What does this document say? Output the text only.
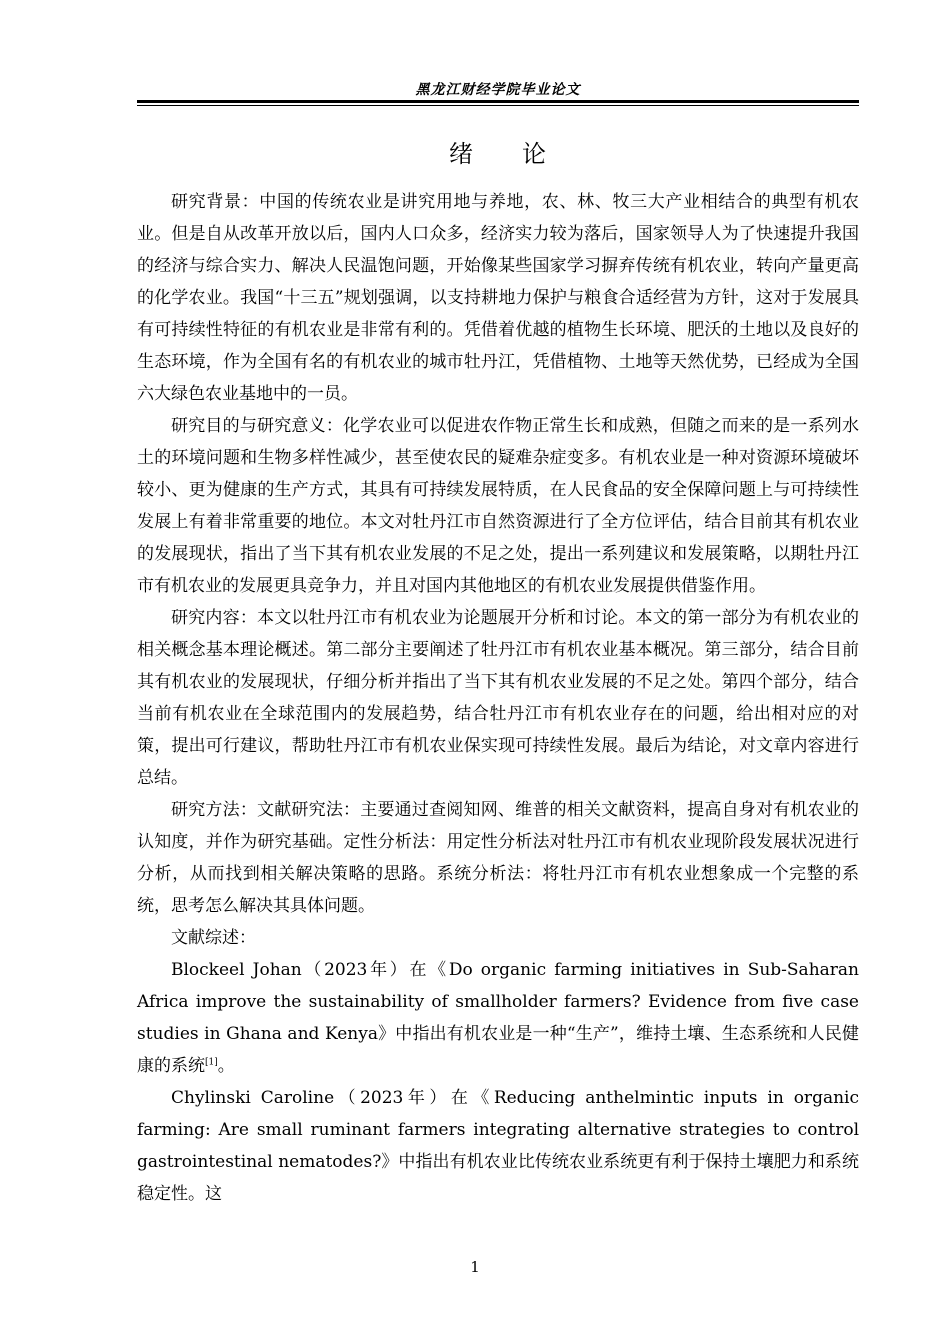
黑龙江财经学院毕业论文
绪 论

研究背景：中国的传统农业是讲究用地与养地，农、林、牧三大产业相结合的典型有机农业。但是自从改革开放以后，国内人口众多，经济实力较为落后，国家领导人为了快速提升我国的经济与综合实力、解决人民温饱问题，开始像某些国家学习摒弃传统有机农业，转向产量更高的化学农业。我国“十三五”规划强调，以支持耕地力保护与粮食合适经营为方针，这对于发展具有可持续性特征的有机农业是非常有利的。凭借着优越的植物生长环境、肥沃的土地以及良好的生态环境，作为全国有名的有机农业的城市牡丹江，凭借植物、土地等天然优势，已经成为全国六大绿色农业基地中的一员。

研究目的与研究意义：化学农业可以促进农作物正常生长和成熟，但随之而来的是一系列水土的环境问题和生物多样性减少，甚至使农民的疑难杂症变多。有机农业是一种对资源环境破坏较小、更为健康的生产方式，其具有可持续发展特质，在人民食品的安全保障问题上与可持续性发展上有着非常重要的地位。本文对牡丹江市自然资源进行了全方位评估，结合目前其有机农业的发展现状，指出了当下其有机农业发展的不足之处，提出一系列建议和发展策略，以期牡丹江市有机农业的发展更具竞争力，并且对国内其他地区的有机农业发展提供借鉴作用。

研究内容：本文以牡丹江市有机农业为论题展开分析和讨论。本文的第一部分为有机农业的相关概念基本理论概述。第二部分主要阐述了牡丹江市有机农业基本概况。第三部分，结合目前其有机农业的发展现状，仔细分析并指出了当下其有机农业发展的不足之处。第四个部分，结合当前有机农业在全球范围内的发展趋势，结合牡丹江市有机农业存在的问题，给出相对应的对策，提出可行建议，帮助牡丹江市有机农业保实现可持续性发展。最后为结论，对文章内容进行总结。

研究方法：文献研究法：主要通过查阅知网、维普的相关文献资料，提高自身对有机农业的认知度，并作为研究基础。定性分析法：用定性分析法对牡丹江市有机农业现阶段发展状况进行分析，从而找到相关解决策略的思路。系统分析法：将牡丹江市有机农业想象成一个完整的系统，思考怎么解决其具体问题。

文献综述：

Blockeel Johan（2023年）在《Do organic farming initiatives in Sub-Saharan Africa improve the sustainability of smallholder farmers? Evidence from five case studies in Ghana and Kenya》中指出有机农业是一种“生产”，维持土壤、生态系统和人民健康的系统[1]。

Chylinski Caroline（2023年）在《Reducing anthelmintic inputs in organic farming: Are small ruminant farmers integrating alternative strategies to control gastrointestinal nematodes?》中指出有机农业比传统农业系统更有利于保持土壤肥力和系统稳定性。这

1
